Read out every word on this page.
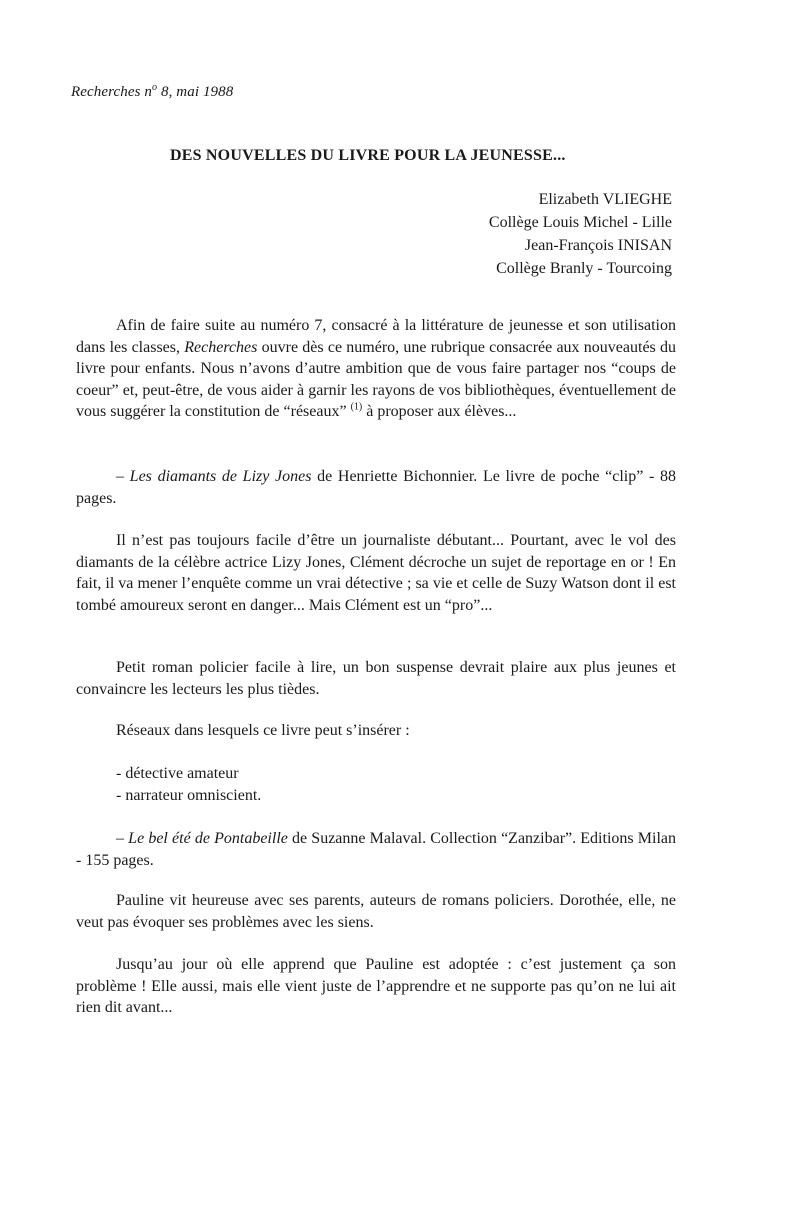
Recherches $n^o$ 8, mai 1988
DES NOUVELLES DU LIVRE POUR LA JEUNESSE...
Elizabeth VLIEGHE
Collège Louis Michel - Lille
Jean-François INISAN
Collège Branly - Tourcoing

Afin de faire suite au numéro 7, consacré à la littérature de jeunesse et son utilisation dans les classes, Recherches ouvre dès ce numéro, une rubrique consacrée aux nouveautés du livre pour enfants. Nous n’avons d’autre ambition que de vous faire partager nos “coups de coeur” et, peut-être, de vous aider à garnir les rayons de vos bibliothèques, éventuellement de vous suggérer la constitution de “réseaux” $^{(1)}$ à proposer aux élèves...

– Les diamants de Lizy Jones de Henriette Bichonnier. Le livre de poche “clip” - 88 pages.

Il n’est pas toujours facile d’être un journaliste débutant... Pourtant, avec le vol des diamants de la célèbre actrice Lizy Jones, Clément décroche un sujet de reportage en or ! En fait, il va mener l’enquête comme un vrai détective ; sa vie et celle de Suzy Watson dont il est tombé amoureux seront en danger... Mais Clément est un “pro”...

Petit roman policier facile à lire, un bon suspense devrait plaire aux plus jeunes et convaincre les lecteurs les plus tièdes.

Réseaux dans lesquels ce livre peut s’insérer :

- détective amateur
- narrateur omniscient.

– Le bel été de Pontabeille de Suzanne Malaval. Collection “Zanzibar”. Editions Milan - 155 pages.

Pauline vit heureuse avec ses parents, auteurs de romans policiers. Dorothée, elle, ne veut pas évoquer ses problèmes avec les siens.

Jusqu’au jour où elle apprend que Pauline est adoptée : c’est justement ça son problème ! Elle aussi, mais elle vient juste de l’apprendre et ne supporte pas qu’on ne lui ait rien dit avant...
